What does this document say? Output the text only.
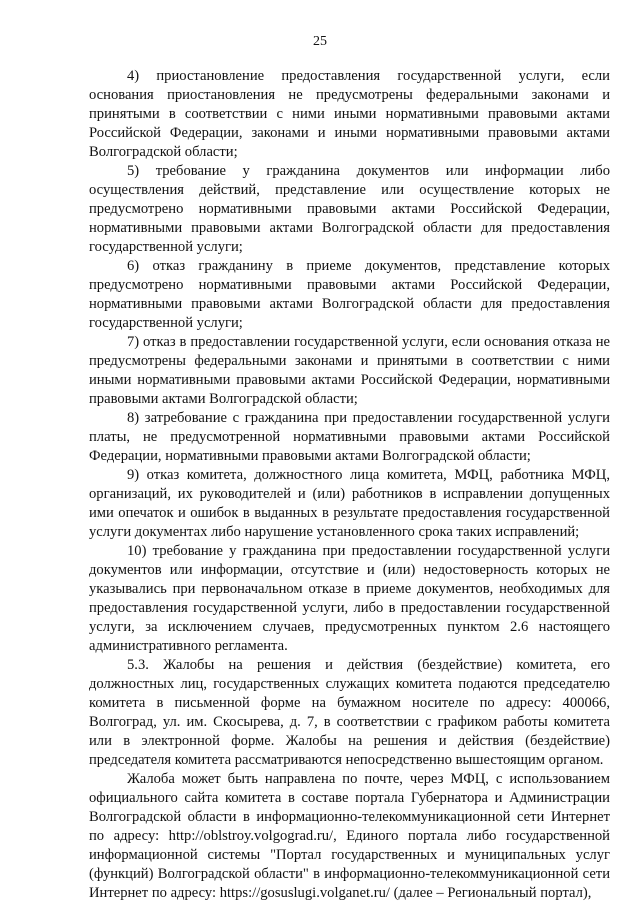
25

4) приостановление предоставления государственной услуги, если основания приостановления не предусмотрены федеральными законами и принятыми в соответствии с ними иными нормативными правовыми актами Российской Федерации, законами и иными нормативными правовыми актами Волгоградской области;

5) требование у гражданина документов или информации либо осуществления действий, представление или осуществление которых не предусмотрено нормативными правовыми актами Российской Федерации, нормативными правовыми актами Волгоградской области для предоставления государственной услуги;

6) отказ гражданину в приеме документов, представление которых предусмотрено нормативными правовыми актами Российской Федерации, нормативными правовыми актами Волгоградской области для предоставления государственной услуги;

7) отказ в предоставлении государственной услуги, если основания отказа не предусмотрены федеральными законами и принятыми в соответствии с ними иными нормативными правовыми актами Российской Федерации, нормативными правовыми актами Волгоградской области;

8) затребование с гражданина при предоставлении государственной услуги платы, не предусмотренной нормативными правовыми актами Российской Федерации, нормативными правовыми актами Волгоградской области;

9) отказ комитета, должностного лица комитета, МФЦ, работника МФЦ, организаций, их руководителей и (или) работников в исправлении допущенных ими опечаток и ошибок в выданных в результате предоставления государственной услуги документах либо нарушение установленного срока таких исправлений;

10) требование у гражданина при предоставлении государственной услуги документов или информации, отсутствие и (или) недостоверность которых не указывались при первоначальном отказе в приеме документов, необходимых для предоставления государственной услуги, либо в предоставлении государственной услуги, за исключением случаев, предусмотренных пунктом 2.6 настоящего административного регламента.

5.3. Жалобы на решения и действия (бездействие) комитета, его должностных лиц, государственных служащих комитета подаются председателю комитета в письменной форме на бумажном носителе по адресу: 400066, Волгоград, ул. им. Скосырева, д. 7, в соответствии с графиком работы комитета или в электронной форме. Жалобы на решения и действия (бездействие) председателя комитета рассматриваются непосредственно вышестоящим органом.

Жалоба может быть направлена по почте, через МФЦ, с использованием официального сайта комитета в составе портала Губернатора и Администрации Волгоградской области в информационно-телекоммуникационной сети Интернет по адресу: http://oblstroy.volgograd.ru/, Единого портала либо государственной информационной системы "Портал государственных и муниципальных услуг (функций) Волгоградской области" в информационно-телекоммуникационной сети Интернет по адресу: https://gosuslugi.volganet.ru/ (далее – Региональный портал),
